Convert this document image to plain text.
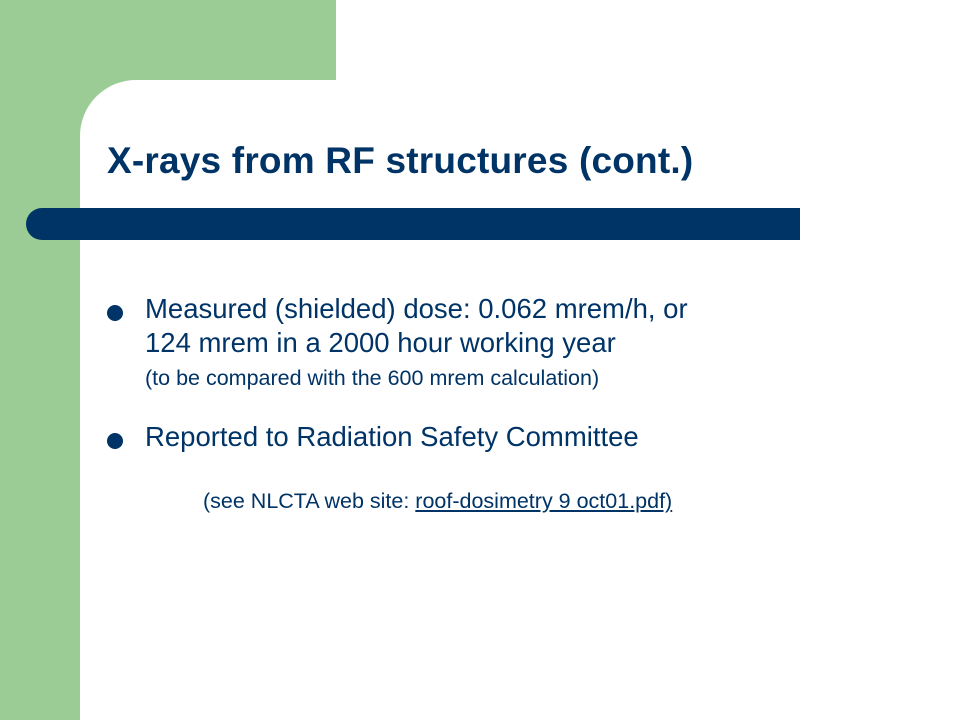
X-rays from RF structures (cont.)
Measured (shielded) dose: 0.062 mrem/h, or
124 mrem in a 2000 hour working year
(to be compared with the 600 mrem calculation)
Reported to Radiation Safety Committee
(see NLCTA web site: roof-dosimetry 9 oct01.pdf)
